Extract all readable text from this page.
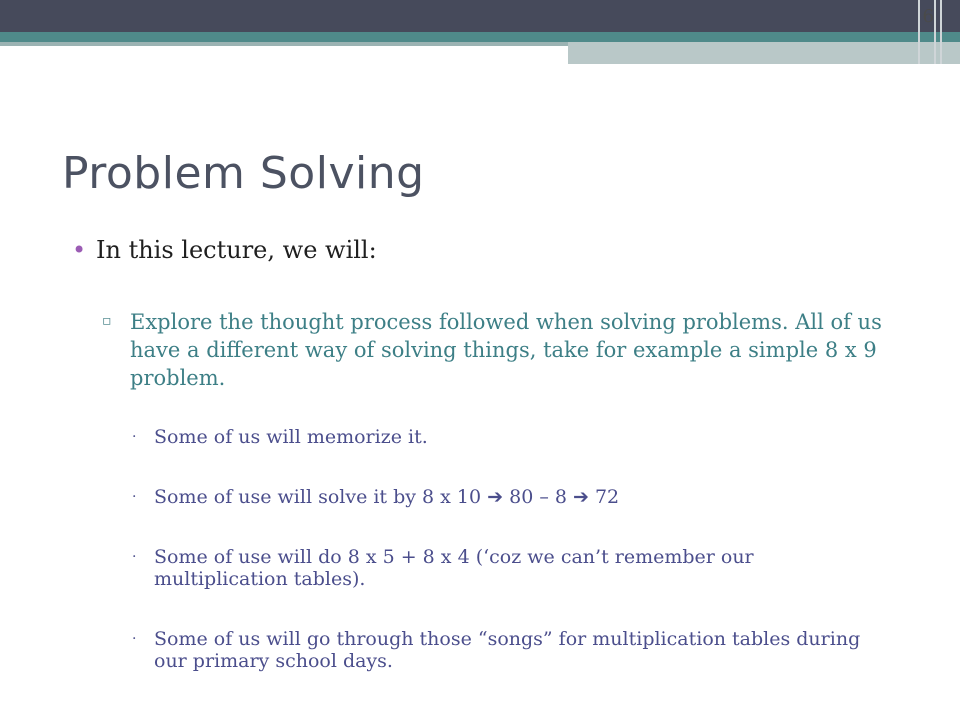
6
Problem Solving
• In this lecture, we will:
▫ Explore the thought process followed when solving problems. All of us have a different way of solving things, take for example a simple 8 x 9 problem.
· Some of us will memorize it.
· Some of use will solve it by 8 x 10 ➔ 80 – 8 ➔ 72
· Some of use will do 8 x 5 + 8 x 4 (‘coz we can’t remember our multiplication tables).
· Some of us will go through those “songs” for multiplication tables during our primary school days.
